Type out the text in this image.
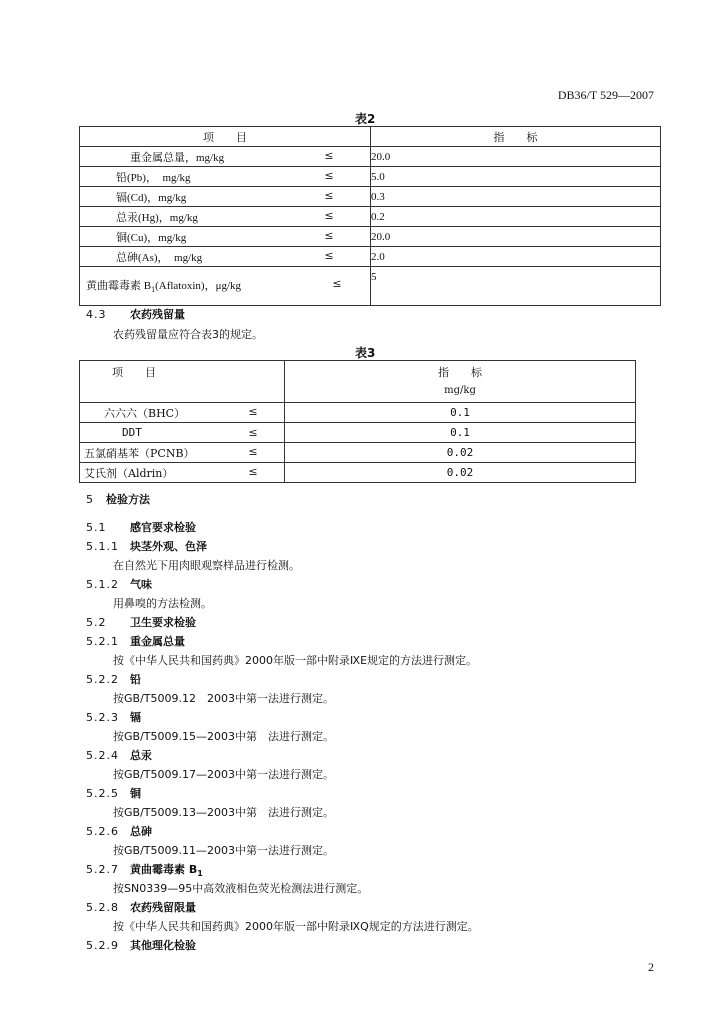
DB36/T 529—2007
表2
项　　目	指　　标

重金属总量，mg/kg ≤	20.0

铅(Pb)，　mg/kg ≤	5.0

镉(Cd)，mg/kg ≤	0.3

总汞(Hg)，mg/kg ≤	0.2

铜(Cu)，mg/kg ≤	20.0

总砷(As)，　mg/kg ≤	2.0

黄曲霉毒素 $B_1(Aflatoxin)$，μg/kg ≤	5
4.3 农药残留量
农药残留量应符合表3的规定。
表3
项　　目	指　　标
mg/kg

六六六（BHC） ≤	0.1

DDT ≤	0.1

五氯硝基苯（PCNB） ≤	0.02

艾氏剂（Aldrin） ≤	0.02
5 检验方法
5.1 感官要求检验
5.1.1 块茎外观、色泽
在自然光下用肉眼观察样品进行检测。
5.1.2 气味
用鼻嗅的方法检测。
5.2 卫生要求检验
5.2.1 重金属总量
按《中华人民共和国药典》2000年版一部中附录ⅨE规定的方法进行测定。
5.2.2 铅
按GB/T5009.12　2003中第一法进行测定。
5.2.3 镉
按GB/T5009.15—2003中第　法进行测定。
5.2.4 总汞
按GB/T5009.17—2003中第一法进行测定。
5.2.5 铜
按GB/T5009.13—2003中第　法进行测定。
5.2.6 总砷
按GB/T5009.11—2003中第一法进行测定。
5.2.7 黄曲霉毒素 $B_1$
按SN0339—95中高效液相色荧光检测法进行测定。
5.2.8 农药残留限量
按《中华人民共和国药典》2000年版一部中附录ⅨQ规定的方法进行测定。
5.2.9 其他理化检验
2
